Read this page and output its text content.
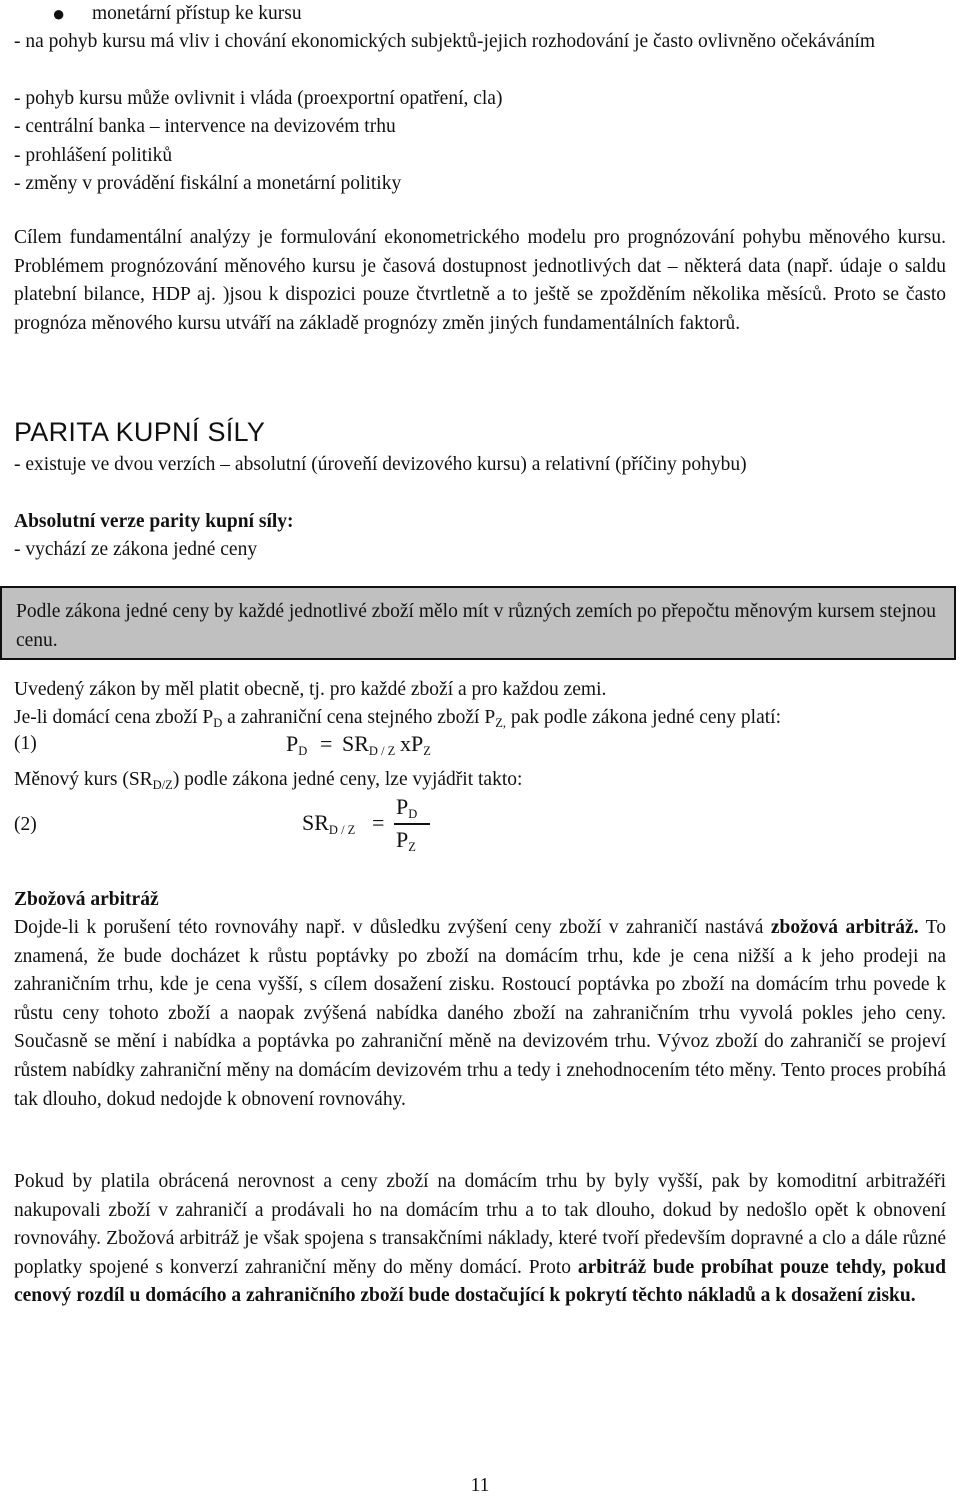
● monetární přístup ke kursu
- na pohyb kursu má vliv i chování ekonomických subjektů-jejich rozhodování je často ovlivněno očekáváním
- pohyb kursu může ovlivnit i vláda (proexportní opatření, cla)
- centrální banka – intervence na devizovém trhu
- prohlášení politiků
- změny v provádění fiskální a monetární politiky

Cílem fundamentální analýzy je formulování ekonometrického modelu pro prognózování pohybu měnového kursu. Problémem prognózování měnového kursu je časová dostupnost jednotlivých dat – některá data (např. údaje o saldu platební bilance, HDP aj. )jsou k dispozici pouze čtvrtletně a to ještě se zpožděním několika měsíců. Proto se často prognóza měnového kursu utváří na základě prognózy změn jiných fundamentálních faktorů.

PARITA KUPNÍ SÍLY
- existuje ve dvou verzích – absolutní (úroveňí devizového kursu) a relativní (příčiny pohybu)
Absolutní verze parity kupní síly:
- vychází ze zákona jedné ceny
Podle zákona jedné ceny by každé jednotlivé zboží mělo mít v různých zemích po přepočtu měnovým kursem stejnou cenu.
Uvedený zákon by měl platit obecně, tj. pro každé zboží a pro každou zemi.
Je-li domácí cena zboží $P_D$ a zahraniční cena stejného zboží $P_{Z,}$ pak podle zákona jedné ceny platí:
(1)	$P_D = SR_{D / Z}$ $xP_Z$
Měnový kurs $(SR_{D/Z})$ podle zákona jedné ceny, lze vyjádřit takto:
(2)	$SR_{D / Z}$ =
$P_D$
$P_Z$
Zbožová arbitráž

Dojde-li k porušení této rovnováhy např. v důsledku zvýšení ceny zboží v zahraničí nastává zbožová arbitráž. To znamená, že bude docházet k růstu poptávky po zboží na domácím trhu, kde je cena nižší a k jeho prodeji na zahraničním trhu, kde je cena vyšší, s cílem dosažení zisku. Rostoucí poptávka po zboží na domácím trhu povede k růstu ceny tohoto zboží a naopak zvýšená nabídka daného zboží na zahraničním trhu vyvolá pokles jeho ceny. Současně se mění i nabídka a poptávka po zahraniční měně na devizovém trhu. Vývoz zboží do zahraničí se projeví růstem nabídky zahraniční měny na domácím devizovém trhu a tedy i znehodnocením této měny. Tento proces probíhá tak dlouho, dokud nedojde k obnovení rovnováhy.

Pokud by platila obrácená nerovnost a ceny zboží na domácím trhu by byly vyšší, pak by komoditní arbitražéři nakupovali zboží v zahraničí a prodávali ho na domácím trhu a to tak dlouho, dokud by nedošlo opět k obnovení rovnováhy. Zbožová arbitráž je však spojena s transakčními náklady, které tvoří především dopravné a clo a dále různé poplatky spojené s konverzí zahraniční měny do měny domácí. Proto arbitráž bude probíhat pouze tehdy, pokud cenový rozdíl u domácího a zahraničního zboží bude dostačující k pokrytí těchto nákladů a k dosažení zisku.

11
